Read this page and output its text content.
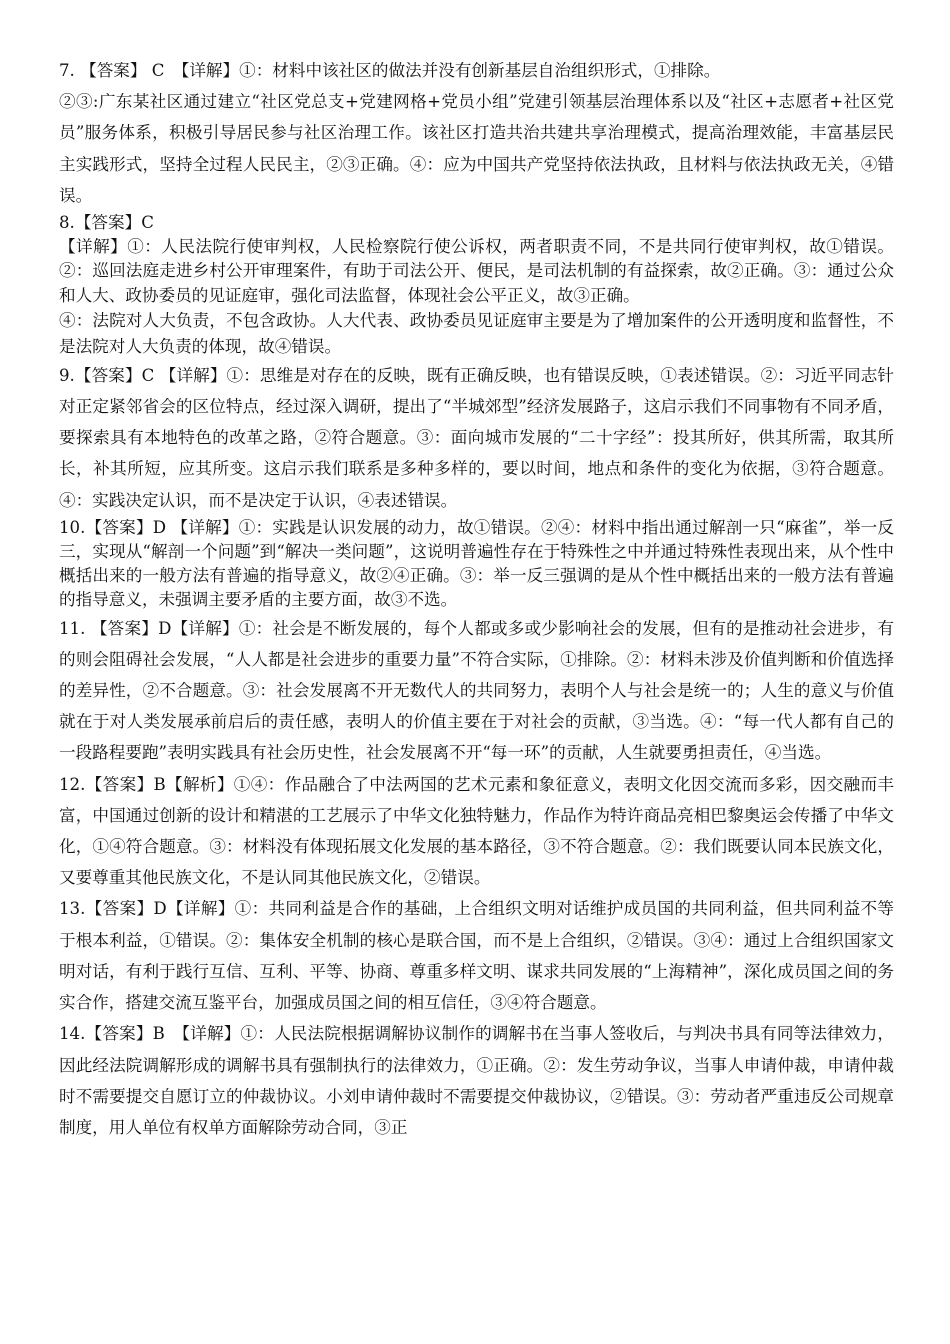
7. 【答案】 C　【详解】①：材料中该社区的做法并没有创新基层自治组织形式，①排除。

②③:广东某社区通过建立“社区党总支+党建网格+党员小组”党建引领基层治理体系以及“社区+志愿者+社区党员”服务体系，积极引导居民参与社区治理工作。该社区打造共治共建共享治理模式，提高治理效能，丰富基层民主实践形式，坚持全过程人民民主，②③正确。④：应为中国共产党坚持依法执政，且材料与依法执政无关，④错误。

8.【答案】C

【详解】①：人民法院行使审判权，人民检察院行使公诉权，两者职责不同，不是共同行使审判权，故①错误。②：巡回法庭走进乡村公开审理案件，有助于司法公开、便民，是司法机制的有益探索，故②正确。③：通过公众和人大、政协委员的见证庭审，强化司法监督，体现社会公平正义，故③正确。

④：法院对人大负责，不包含政协。人大代表、政协委员见证庭审主要是为了增加案件的公开透明度和监督性，不是法院对人大负责的体现，故④错误。

9.【答案】C 【详解】①：思维是对存在的反映，既有正确反映，也有错误反映，①表述错误。②：习近平同志针对正定紧邻省会的区位特点，经过深入调研，提出了“半城郊型”经济发展路子，这启示我们不同事物有不同矛盾，要探索具有本地特色的改革之路，②符合题意。③：面向城市发展的“二十字经”：投其所好，供其所需，取其所长，补其所短，应其所变。这启示我们联系是多种多样的，要以时间，地点和条件的变化为依据，③符合题意。④：实践决定认识，而不是决定于认识，④表述错误。

10.【答案】D 【详解】①：实践是认识发展的动力，故①错误。②④：材料中指出通过解剖一只“麻雀”，举一反三，实现从“解剖一个问题”到“解决一类问题”，这说明普遍性存在于特殊性之中并通过特殊性表现出来，从个性中概括出来的一般方法有普遍的指导意义，故②④正确。③：举一反三强调的是从个性中概括出来的一般方法有普遍的指导意义，未强调主要矛盾的主要方面，故③不选。

11. 【答案】D【详解】①：社会是不断发展的，每个人都或多或少影响社会的发展，但有的是推动社会进步，有的则会阻碍社会发展，“人人都是社会进步的重要力量”不符合实际，①排除。②：材料未涉及价值判断和价值选择的差异性，②不合题意。③：社会发展离不开无数代人的共同努力，表明个人与社会是统一的；人生的意义与价值就在于对人类发展承前启后的责任感，表明人的价值主要在于对社会的贡献，③当选。④：“每一代人都有自己的一段路程要跑”表明实践具有社会历史性，社会发展离不开“每一环”的贡献，人生就要勇担责任，④当选。

12.【答案】B【解析】①④：作品融合了中法两国的艺术元素和象征意义，表明文化因交流而多彩，因交融而丰富，中国通过创新的设计和精湛的工艺展示了中华文化独特魅力，作品作为特许商品亮相巴黎奥运会传播了中华文化，①④符合题意。③：材料没有体现拓展文化发展的基本路径，③不符合题意。②：我们既要认同本民族文化，又要尊重其他民族文化，不是认同其他民族文化，②错误。

13.【答案】D【详解】①：共同利益是合作的基础，上合组织文明对话维护成员国的共同利益，但共同利益不等于根本利益，①错误。②：集体安全机制的核心是联合国，而不是上合组织，②错误。③④：通过上合组织国家文明对话，有利于践行互信、互利、平等、协商、尊重多样文明、谋求共同发展的“上海精神”，深化成员国之间的务实合作，搭建交流互鉴平台，加强成员国之间的相互信任，③④符合题意。

14.【答案】B　【详解】①：人民法院根据调解协议制作的调解书在当事人签收后，与判决书具有同等法律效力，因此经法院调解形成的调解书具有强制执行的法律效力，①正确。②：发生劳动争议，当事人申请仲裁，申请仲裁时不需要提交自愿订立的仲裁协议。小刘申请仲裁时不需要提交仲裁协议，②错误。③：劳动者严重违反公司规章制度，用人单位有权单方面解除劳动合同，③正
